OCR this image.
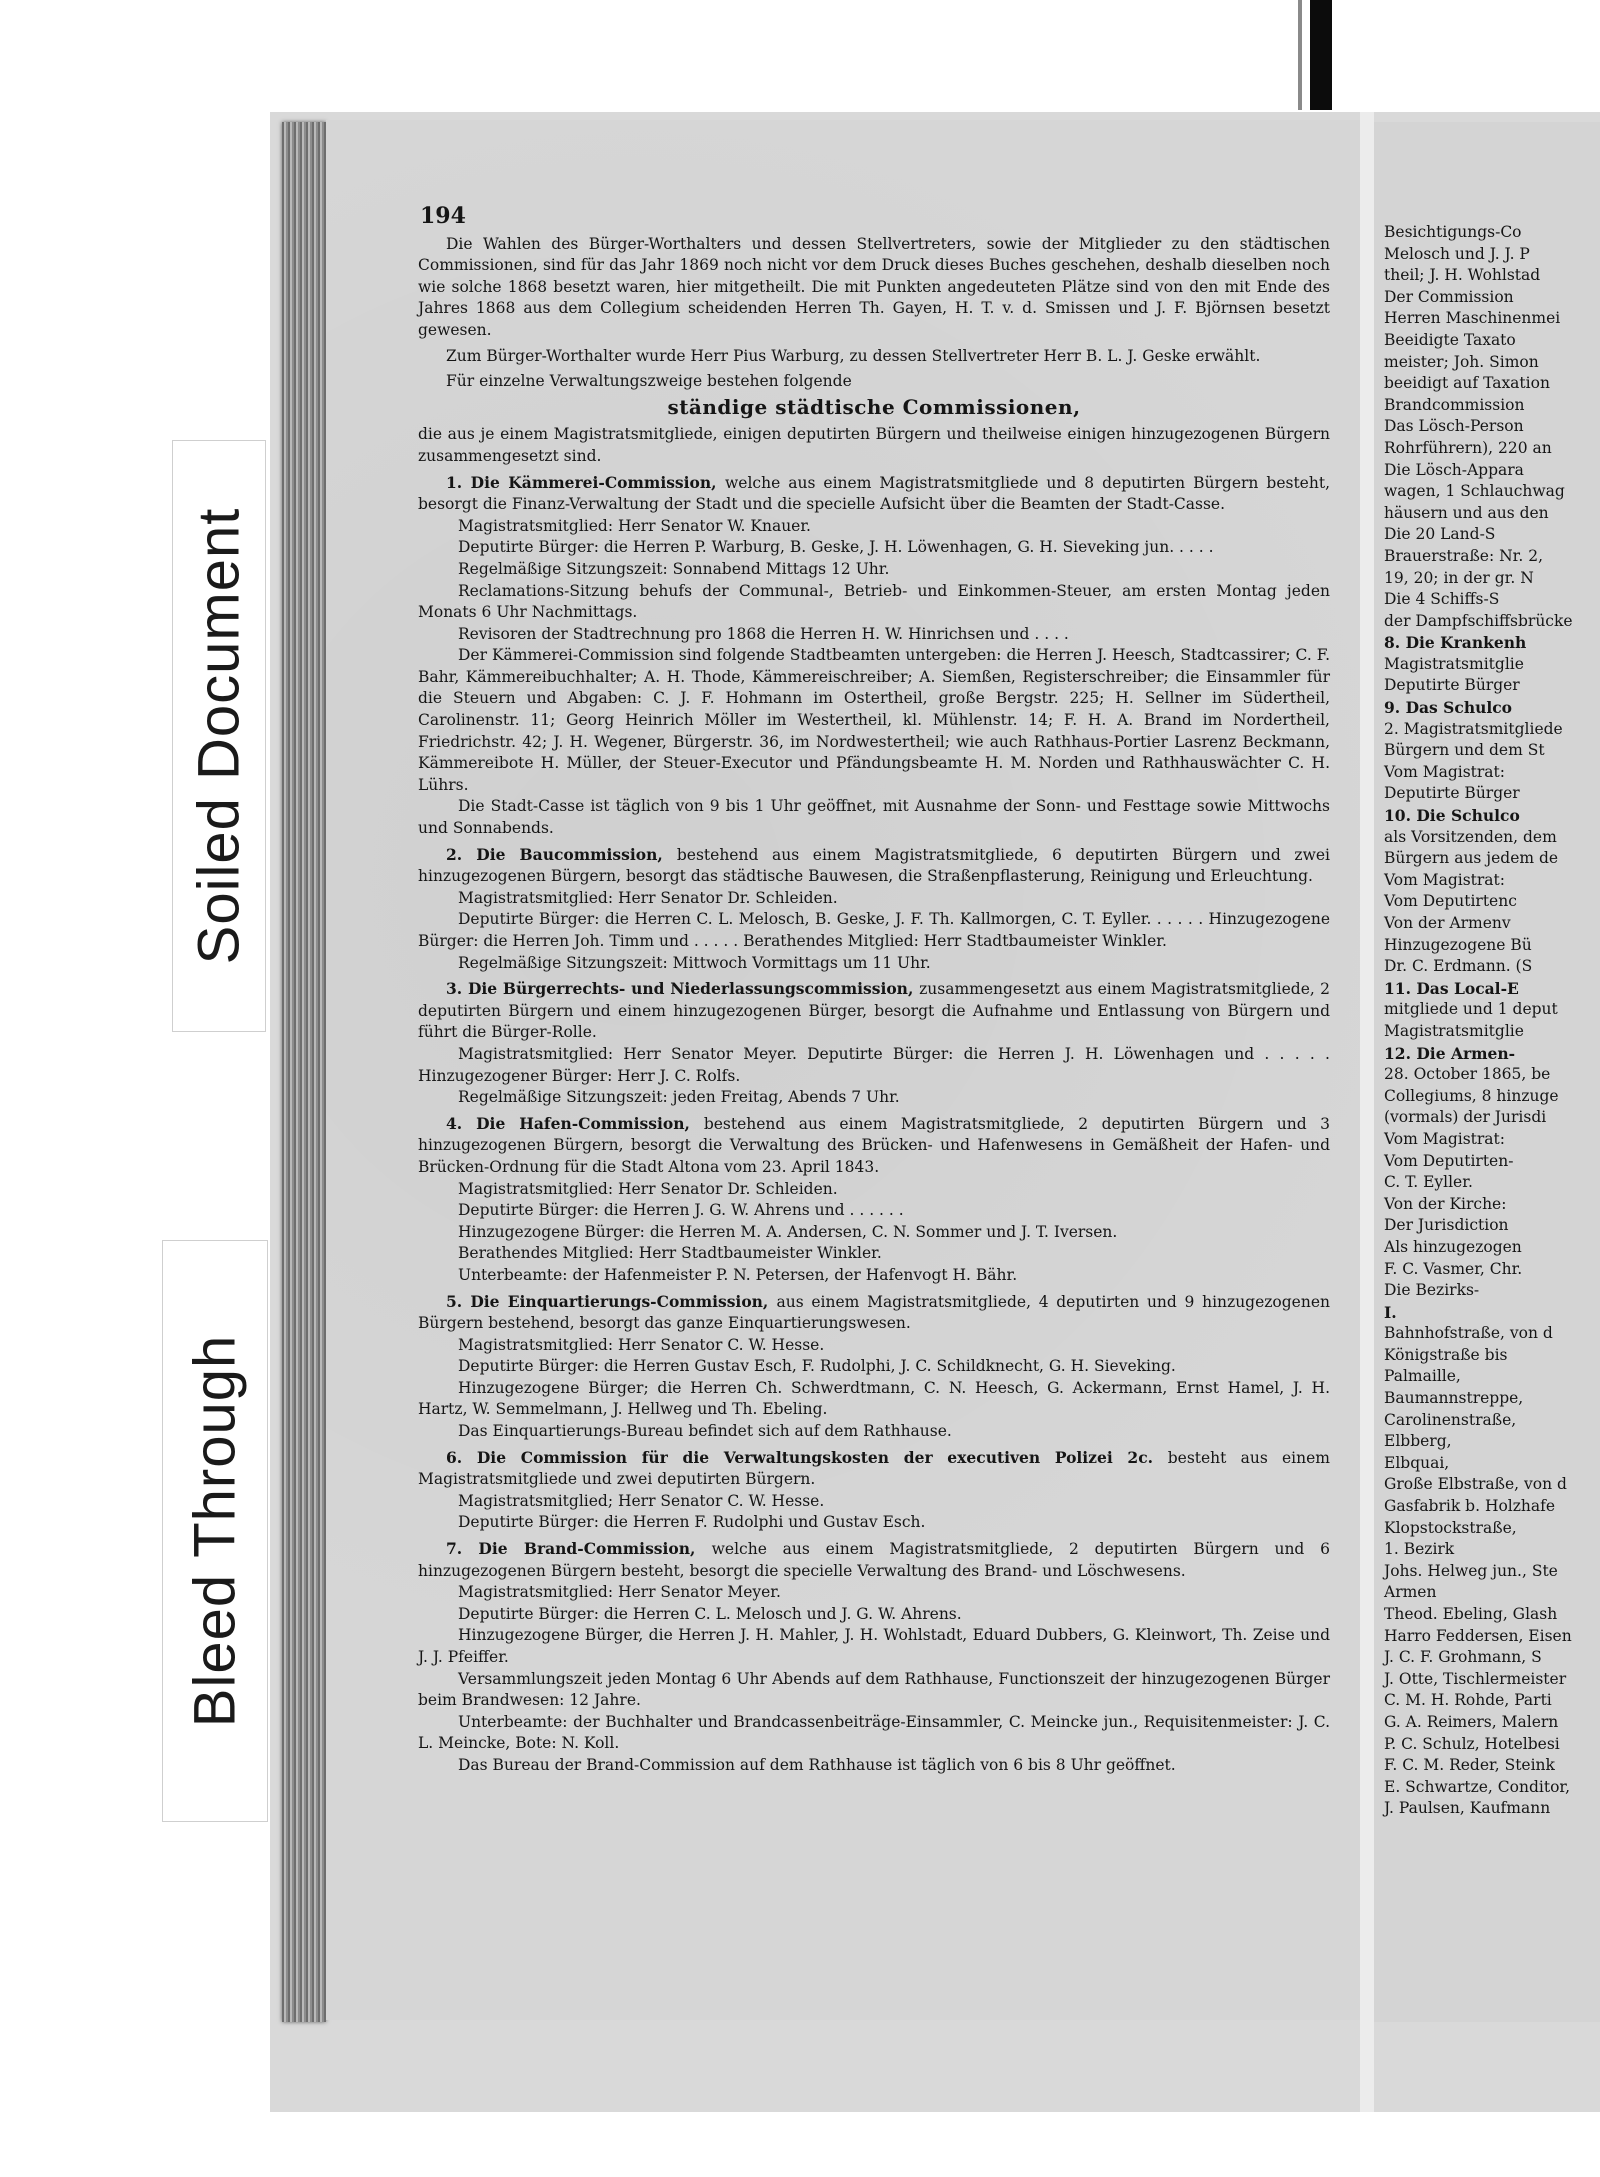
Soiled Document
Bleed Through
194

Die Wahlen des Bürger-Worthalters und dessen Stellvertreters, sowie der Mitglieder zu den städtischen Commissionen, sind für das Jahr 1869 noch nicht vor dem Druck dieses Buches geschehen, deshalb dieselben noch wie solche 1868 besetzt waren, hier mitgetheilt. Die mit Punkten angedeuteten Plätze sind von den mit Ende des Jahres 1868 aus dem Collegium scheidenden Herren Th. Gayen, H. T. v. d. Smissen und J. F. Björnsen besetzt gewesen.

Zum Bürger-Worthalter wurde Herr Pius Warburg, zu dessen Stellvertreter Herr B. L. J. Geske erwählt.

Für einzelne Verwaltungszweige bestehen folgende

ständige städtische Commissionen,

die aus je einem Magistratsmitgliede, einigen deputirten Bürgern und theilweise einigen hinzugezogenen Bürgern zusammengesetzt sind.

1. Die Kämmerei-Commission, welche aus einem Magistratsmitgliede und 8 deputirten Bürgern besteht, besorgt die Finanz-Verwaltung der Stadt und die specielle Aufsicht über die Beamten der Stadt-Casse.

Magistratsmitglied: Herr Senator W. Knauer.

Deputirte Bürger: die Herren P. Warburg, B. Geske, J. H. Löwenhagen, G. H. Sieveking jun. . . . .

Regelmäßige Sitzungszeit: Sonnabend Mittags 12 Uhr.

Reclamations-Sitzung behufs der Communal-, Betrieb- und Einkommen-Steuer, am ersten Montag jeden Monats 6 Uhr Nachmittags.

Revisoren der Stadtrechnung pro 1868 die Herren H. W. Hinrichsen und . . . .

Der Kämmerei-Commission sind folgende Stadtbeamten untergeben: die Herren J. Heesch, Stadtcassirer; C. F. Bahr, Kämmereibuchhalter; A. H. Thode, Kämmereischreiber; A. Siemßen, Registerschreiber; die Einsammler für die Steuern und Abgaben: C. J. F. Hohmann im Ostertheil, große Bergstr. 225; H. Sellner im Südertheil, Carolinenstr. 11; Georg Heinrich Möller im Westertheil, kl. Mühlenstr. 14; F. H. A. Brand im Nordertheil, Friedrichstr. 42; J. H. Wegener, Bürgerstr. 36, im Nordwestertheil; wie auch Rathhaus-Portier Lasrenz Beckmann, Kämmereibote H. Müller, der Steuer-Executor und Pfändungsbeamte H. M. Norden und Rathhauswächter C. H. Lührs.

Die Stadt-Casse ist täglich von 9 bis 1 Uhr geöffnet, mit Ausnahme der Sonn- und Festtage sowie Mittwochs und Sonnabends.

2. Die Baucommission, bestehend aus einem Magistratsmitgliede, 6 deputirten Bürgern und zwei hinzugezogenen Bürgern, besorgt das städtische Bauwesen, die Straßenpflasterung, Reinigung und Erleuchtung.

Magistratsmitglied: Herr Senator Dr. Schleiden.

Deputirte Bürger: die Herren C. L. Melosch, B. Geske, J. F. Th. Kallmorgen, C. T. Eyller. . . . . . Hinzugezogene Bürger: die Herren Joh. Timm und . . . . . Berathendes Mitglied: Herr Stadtbaumeister Winkler.

Regelmäßige Sitzungszeit: Mittwoch Vormittags um 11 Uhr.

3. Die Bürgerrechts- und Niederlassungscommission, zusammengesetzt aus einem Magistratsmitgliede, 2 deputirten Bürgern und einem hinzugezogenen Bürger, besorgt die Aufnahme und Entlassung von Bürgern und führt die Bürger-Rolle.

Magistratsmitglied: Herr Senator Meyer. Deputirte Bürger: die Herren J. H. Löwenhagen und . . . . . Hinzugezogener Bürger: Herr J. C. Rolfs.

Regelmäßige Sitzungszeit: jeden Freitag, Abends 7 Uhr.

4. Die Hafen-Commission, bestehend aus einem Magistratsmitgliede, 2 deputirten Bürgern und 3 hinzugezogenen Bürgern, besorgt die Verwaltung des Brücken- und Hafenwesens in Gemäßheit der Hafen- und Brücken-Ordnung für die Stadt Altona vom 23. April 1843.

Magistratsmitglied: Herr Senator Dr. Schleiden.

Deputirte Bürger: die Herren J. G. W. Ahrens und . . . . . .

Hinzugezogene Bürger: die Herren M. A. Andersen, C. N. Sommer und J. T. Iversen.

Berathendes Mitglied: Herr Stadtbaumeister Winkler.

Unterbeamte: der Hafenmeister P. N. Petersen, der Hafenvogt H. Bähr.

5. Die Einquartierungs-Commission, aus einem Magistratsmitgliede, 4 deputirten und 9 hinzugezogenen Bürgern bestehend, besorgt das ganze Einquartierungswesen.

Magistratsmitglied: Herr Senator C. W. Hesse.

Deputirte Bürger: die Herren Gustav Esch, F. Rudolphi, J. C. Schildknecht, G. H. Sieveking.

Hinzugezogene Bürger; die Herren Ch. Schwerdtmann, C. N. Heesch, G. Ackermann, Ernst Hamel, J. H. Hartz, W. Semmelmann, J. Hellweg und Th. Ebeling.

Das Einquartierungs-Bureau befindet sich auf dem Rathhause.

6. Die Commission für die Verwaltungskosten der executiven Polizei 2c. besteht aus einem Magistratsmitgliede und zwei deputirten Bürgern.

Magistratsmitglied; Herr Senator C. W. Hesse.

Deputirte Bürger: die Herren F. Rudolphi und Gustav Esch.

7. Die Brand-Commission, welche aus einem Magistratsmitgliede, 2 deputirten Bürgern und 6 hinzugezogenen Bürgern besteht, besorgt die specielle Verwaltung des Brand- und Löschwesens.

Magistratsmitglied: Herr Senator Meyer.

Deputirte Bürger: die Herren C. L. Melosch und J. G. W. Ahrens.

Hinzugezogene Bürger, die Herren J. H. Mahler, J. H. Wohlstadt, Eduard Dubbers, G. Kleinwort, Th. Zeise und J. J. Pfeiffer.

Versammlungszeit jeden Montag 6 Uhr Abends auf dem Rathhause, Functionszeit der hinzugezogenen Bürger beim Brandwesen: 12 Jahre.

Unterbeamte: der Buchhalter und Brandcassenbeiträge-Einsammler, C. Meincke jun., Requisitenmeister: J. C. L. Meincke, Bote: N. Koll.

Das Bureau der Brand-Commission auf dem Rathhause ist täglich von 6 bis 8 Uhr geöffnet.

Besichtigungs-Co
Melosch und J. J. P
theil; J. H. Wohlstad
Der Commission
Herren Maschinenmei
Beeidigte Taxato
meister; Joh. Simon
beeidigt auf Taxation
Brandcommission
Das Lösch-Person
Rohrführern), 220 an
Die Lösch-Appara
wagen, 1 Schlauchwag
häusern und aus den
Die 20 Land-S
Brauerstraße: Nr. 2,
19, 20; in der gr. N
Die 4 Schiffs-S
der Dampfschiffsbrücke
8. Die Krankenh
Magistratsmitglie
Deputirte Bürger
9. Das Schulco
2. Magistratsmitgliede
Bürgern und dem St
Vom Magistrat:
Deputirte Bürger
10. Die Schulco
als Vorsitzenden, dem
Bürgern aus jedem de
Vom Magistrat:
Vom Deputirtenc
Von der Armenv
Hinzugezogene Bü
Dr. C. Erdmann. (S
11. Das Local-E
mitgliede und 1 deput
Magistratsmitglie
12. Die Armen-
28. October 1865, be
Collegiums, 8 hinzuge
(vormals) der Jurisdi
Vom Magistrat:
Vom Deputirten-
C. T. Eyller.
Von der Kirche:
Der Jurisdiction
Als hinzugezogen
F. C. Vasmer, Chr.
Die Bezirks-
I.
Bahnhofstraße, von d
Königstraße bis
Palmaille,
Baumannstreppe,
Carolinenstraße,
Elbberg,
Elbquai,
Große Elbstraße, von d
Gasfabrik b. Holzhafe
Klopstockstraße,
1. Bezirk
Johs. Helweg jun., Ste
Armen
Theod. Ebeling, Glash
Harro Feddersen, Eisen
J. C. F. Grohmann, S
J. Otte, Tischlermeister
C. M. H. Rohde, Parti
G. A. Reimers, Malern
P. C. Schulz, Hotelbesi
F. C. M. Reder, Steink
E. Schwartze, Conditor,
J. Paulsen, Kaufmann
